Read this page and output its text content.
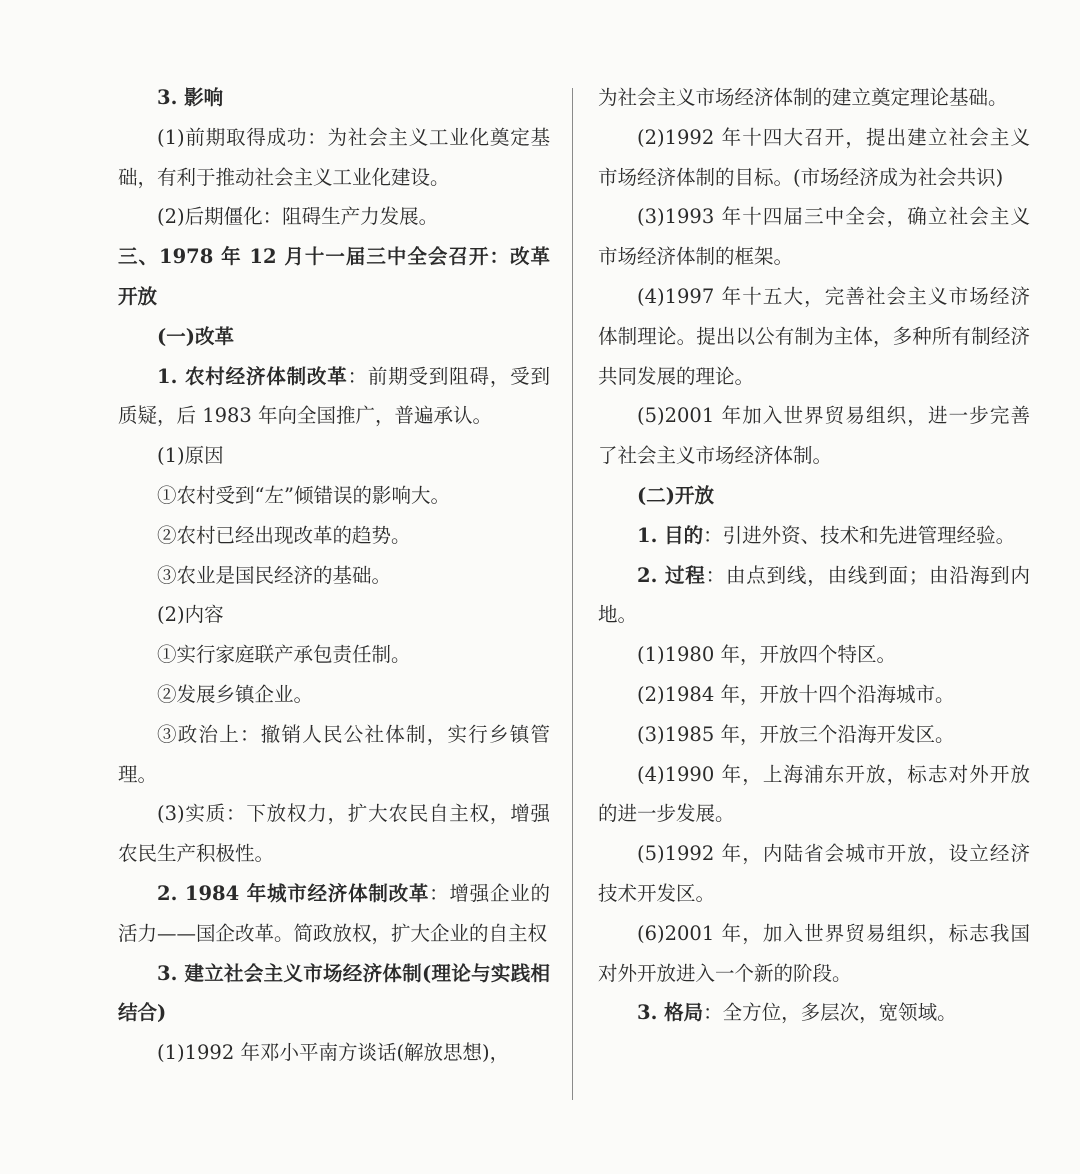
3. 影响

(1)前期取得成功：为社会主义工业化奠定基础，有利于推动社会主义工业化建设。

(2)后期僵化：阻碍生产力发展。

三、1978 年 12 月十一届三中全会召开：改革开放

(一)改革

1. 农村经济体制改革：前期受到阻碍，受到质疑，后 1983 年向全国推广，普遍承认。

(1)原因

①农村受到“左”倾错误的影响大。

②农村已经出现改革的趋势。

③农业是国民经济的基础。

(2)内容

①实行家庭联产承包责任制。

②发展乡镇企业。

③政治上：撤销人民公社体制，实行乡镇管理。

(3)实质：下放权力，扩大农民自主权，增强农民生产积极性。

2. 1984 年城市经济体制改革：增强企业的活力——国企改革。简政放权，扩大企业的自主权

3. 建立社会主义市场经济体制(理论与实践相结合)

(1)1992 年邓小平南方谈话(解放思想)，

为社会主义市场经济体制的建立奠定理论基础。

(2)1992 年十四大召开，提出建立社会主义市场经济体制的目标。(市场经济成为社会共识)

(3)1993 年十四届三中全会，确立社会主义市场经济体制的框架。

(4)1997 年十五大，完善社会主义市场经济体制理论。提出以公有制为主体，多种所有制经济共同发展的理论。

(5)2001 年加入世界贸易组织，进一步完善了社会主义市场经济体制。

(二)开放

1. 目的：引进外资、技术和先进管理经验。

2. 过程：由点到线，由线到面；由沿海到内地。

(1)1980 年，开放四个特区。

(2)1984 年，开放十四个沿海城市。

(3)1985 年，开放三个沿海开发区。

(4)1990 年，上海浦东开放，标志对外开放的进一步发展。

(5)1992 年，内陆省会城市开放，设立经济技术开发区。

(6)2001 年，加入世界贸易组织，标志我国对外开放进入一个新的阶段。

3. 格局：全方位，多层次，宽领域。
